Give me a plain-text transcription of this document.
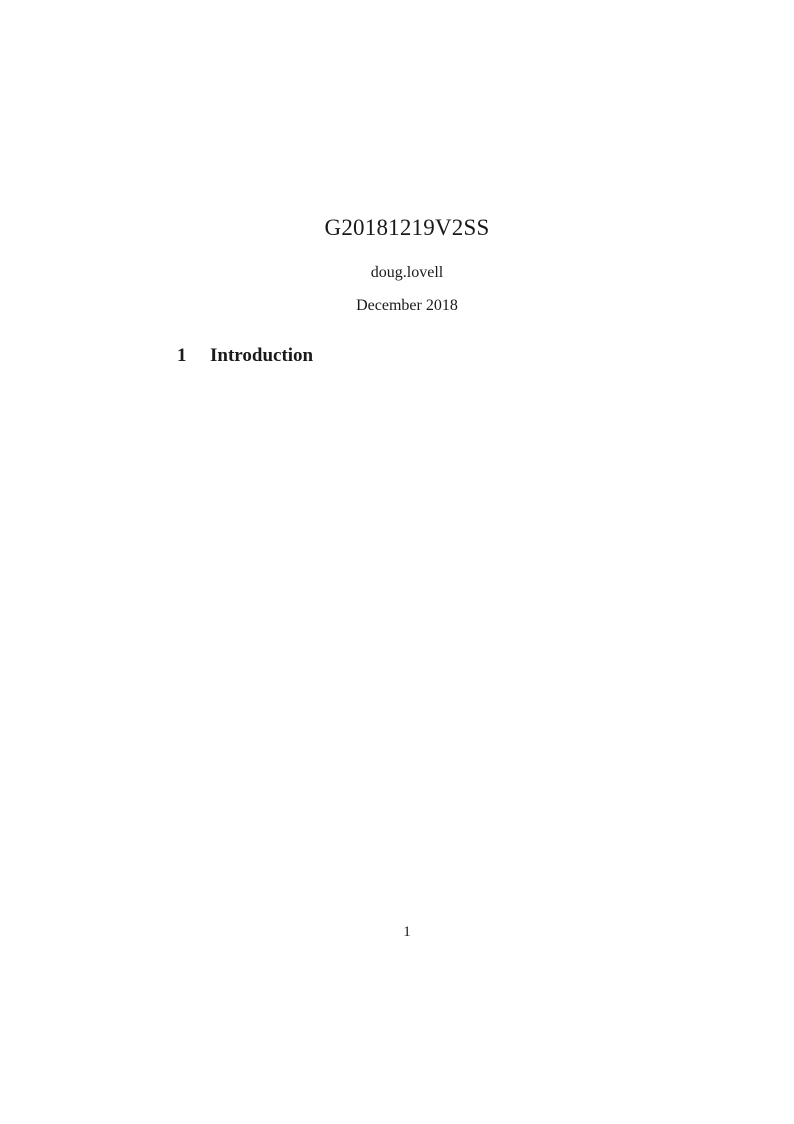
G20181219V2SS

doug.lovell

December 2018

1	Introduction
1
